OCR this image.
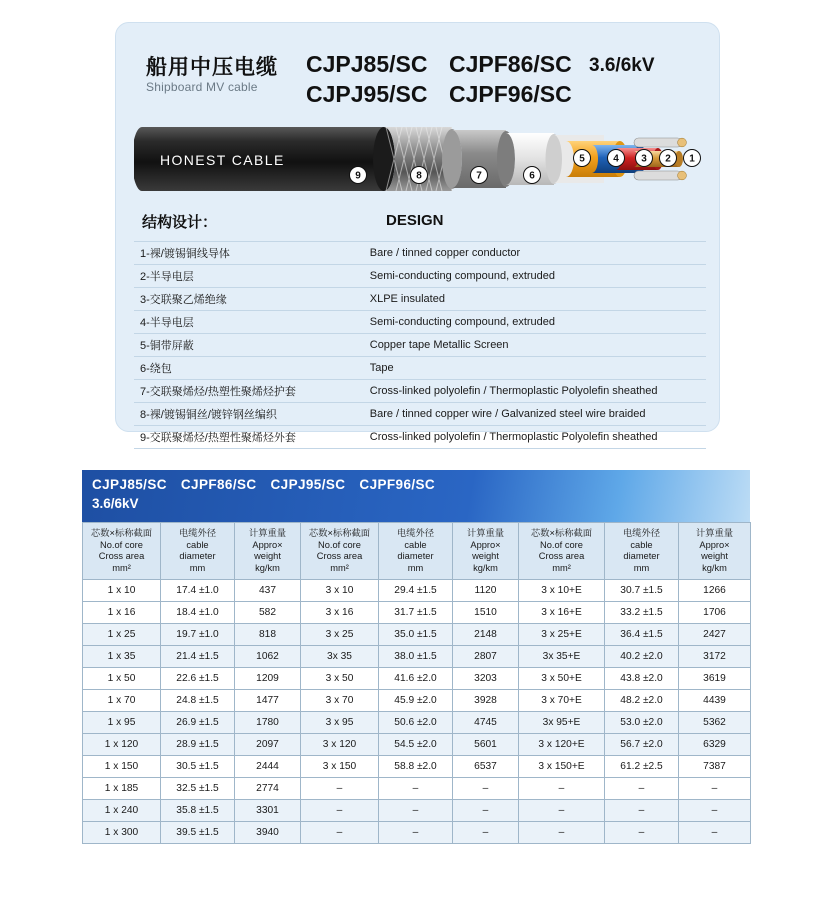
船用中压电缆
Shipboard MV cable
CJPJ85/SC
CJPJ95/SC
CJPF86/SC
CJPF96/SC
3.6/6kV
HONEST CABLE
9	8	7	6
5	4 3 2 1
结构设计：	DESIGN
1-裸/镀锡铜线导体	Bare / tinned copper conductor
2-半导电层	Semi-conducting compound, extruded
3-交联聚乙烯绝缘	XLPE insulated
4-半导电层	Semi-conducting compound, extruded
5-铜带屏蔽	Copper tape Metallic Screen
6-绕包	Tape
7-交联聚烯烃/热塑性聚烯烃护套	Cross-linked polyolefin / Thermoplastic Polyolefin sheathed
8-裸/镀锡铜丝/镀锌钢丝编织	Bare / tinned copper wire / Galvanized steel wire braided
9-交联聚烯烃/热塑性聚烯烃外套	Cross-linked polyolefin / Thermoplastic Polyolefin sheathed
CJPJ85/SC CJPF86/SC CJPJ95/SC CJPF96/SC
3.6/6kV
芯数×标称截面
No.of core
Cross area
mm²

电缆外径
cable
diameter
mm

计算重量
Appro×
weight
kg/km

芯数×标称截面
No.of core
Cross area
mm²

电缆外径
cable
diameter
mm

计算重量
Appro×
weight
kg/km

芯数×标称截面
No.of core
Cross area
mm²

电缆外径
cable
diameter
mm

计算重量
Appro×
weight
kg/km

1 x 10	17.4 ±1.0	437	3 x 10	29.4 ±1.5	1120	3 x 10+E	30.7 ±1.5	1266
1 x 16	18.4 ±1.0	582	3 x 16	31.7 ±1.5	1510	3 x 16+E	33.2 ±1.5	1706
1 x 25	19.7 ±1.0	818	3 x 25	35.0 ±1.5	2148	3 x 25+E	36.4 ±1.5	2427
1 x 35	21.4 ±1.5	1062	3x 35	38.0 ±1.5	2807	3x 35+E	40.2 ±2.0	3172
1 x 50	22.6 ±1.5	1209	3 x 50	41.6 ±2.0	3203	3 x 50+E	43.8 ±2.0	3619
1 x 70	24.8 ±1.5	1477	3 x 70	45.9 ±2.0	3928	3 x 70+E	48.2 ±2.0	4439
1 x 95	26.9 ±1.5	1780	3 x 95	50.6 ±2.0	4745	3x 95+E	53.0 ±2.0	5362
1 x 120	28.9 ±1.5	2097	3 x 120	54.5 ±2.0	5601	3 x 120+E	56.7 ±2.0	6329
1 x 150	30.5 ±1.5	2444	3 x 150	58.8 ±2.0	6537	3 x 150+E	61.2 ±2.5	7387
1 x 185	32.5 ±1.5	2774	–	–	–	–	–	–
1 x 240	35.8 ±1.5	3301	–	–	–	–	–	–
1 x 300	39.5 ±1.5	3940	–	–	–	–	–	–
